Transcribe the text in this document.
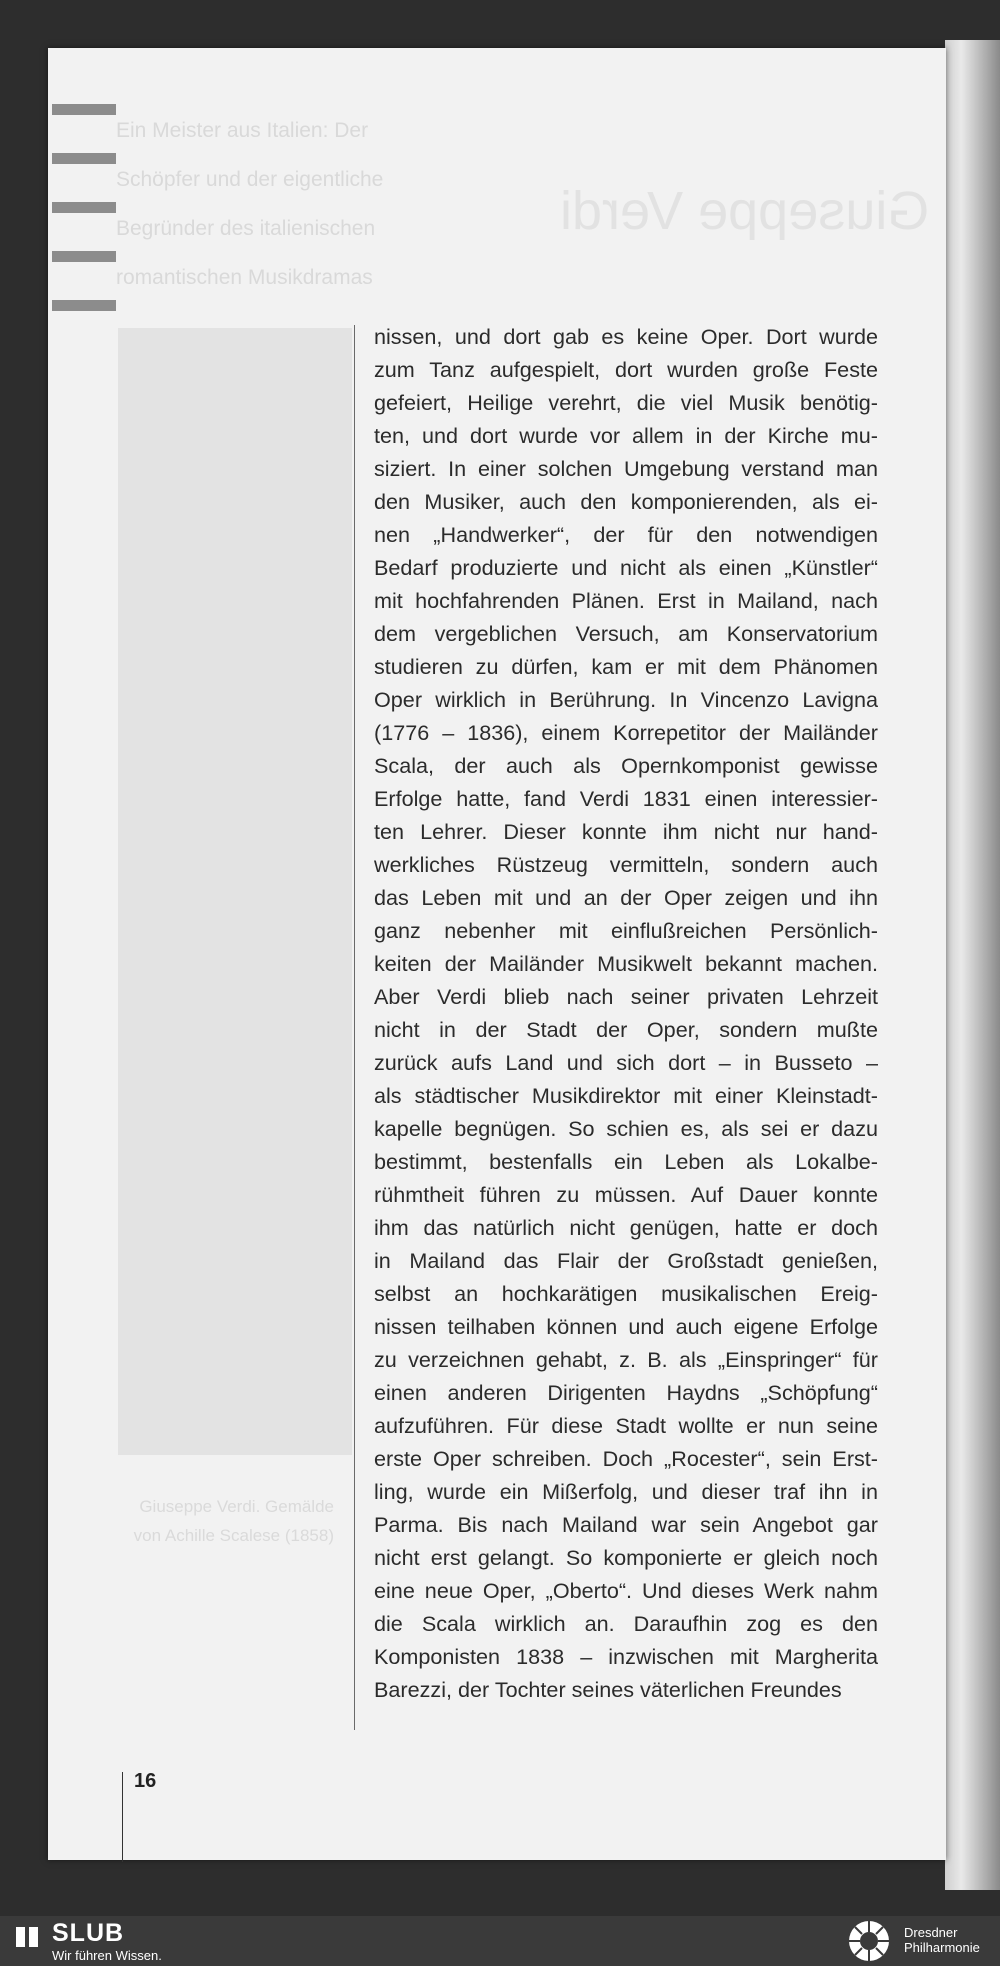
Ein Meister aus Italien: Der Schöpfer und der eigentliche Begründer des italienischen romantischen Musikdramas
Giuseppe Verdi
Giuseppe Verdi. Gemälde von Achille Scalese (1858)
nissen, und dort gab es keine Oper. Dort wurde
zum Tanz aufgespielt, dort wurden große Feste
gefeiert, Heilige verehrt, die viel Musik benötig-
ten, und dort wurde vor allem in der Kirche mu-
siziert. In einer solchen Umgebung verstand man
den Musiker, auch den komponierenden, als ei-
nen „Handwerker“, der für den notwendigen
Bedarf produzierte und nicht als einen „Künstler“
mit hochfahrenden Plänen. Erst in Mailand, nach
dem vergeblichen Versuch, am Konservatorium
studieren zu dürfen, kam er mit dem Phänomen
Oper wirklich in Berührung. In Vincenzo Lavigna
(1776 – 1836), einem Korrepetitor der Mailänder
Scala, der auch als Opernkomponist gewisse
Erfolge hatte, fand Verdi 1831 einen interessier-
ten Lehrer. Dieser konnte ihm nicht nur hand-
werkliches Rüstzeug vermitteln, sondern auch
das Leben mit und an der Oper zeigen und ihn
ganz nebenher mit einflußreichen Persönlich-
keiten der Mailänder Musikwelt bekannt machen.
Aber Verdi blieb nach seiner privaten Lehrzeit
nicht in der Stadt der Oper, sondern mußte
zurück aufs Land und sich dort – in Busseto –
als städtischer Musikdirektor mit einer Kleinstadt-
kapelle begnügen. So schien es, als sei er dazu
bestimmt, bestenfalls ein Leben als Lokalbe-
rühmtheit führen zu müssen. Auf Dauer konnte
ihm das natürlich nicht genügen, hatte er doch
in Mailand das Flair der Großstadt genießen,
selbst an hochkarätigen musikalischen Ereig-
nissen teilhaben können und auch eigene Erfolge
zu verzeichnen gehabt, z. B. als „Einspringer“ für
einen anderen Dirigenten Haydns „Schöpfung“
aufzuführen. Für diese Stadt wollte er nun seine
erste Oper schreiben. Doch „Rocester“, sein Erst-
ling, wurde ein Mißerfolg, und dieser traf ihn in
Parma. Bis nach Mailand war sein Angebot gar
nicht erst gelangt. So komponierte er gleich noch
eine neue Oper, „Oberto“. Und dieses Werk nahm
die Scala wirklich an. Daraufhin zog es den
Komponisten 1838 – inzwischen mit Margherita
Barezzi, der Tochter seines väterlichen Freundes
16
SLUB
Wir führen Wissen.
Dresdner
Philharmonie
